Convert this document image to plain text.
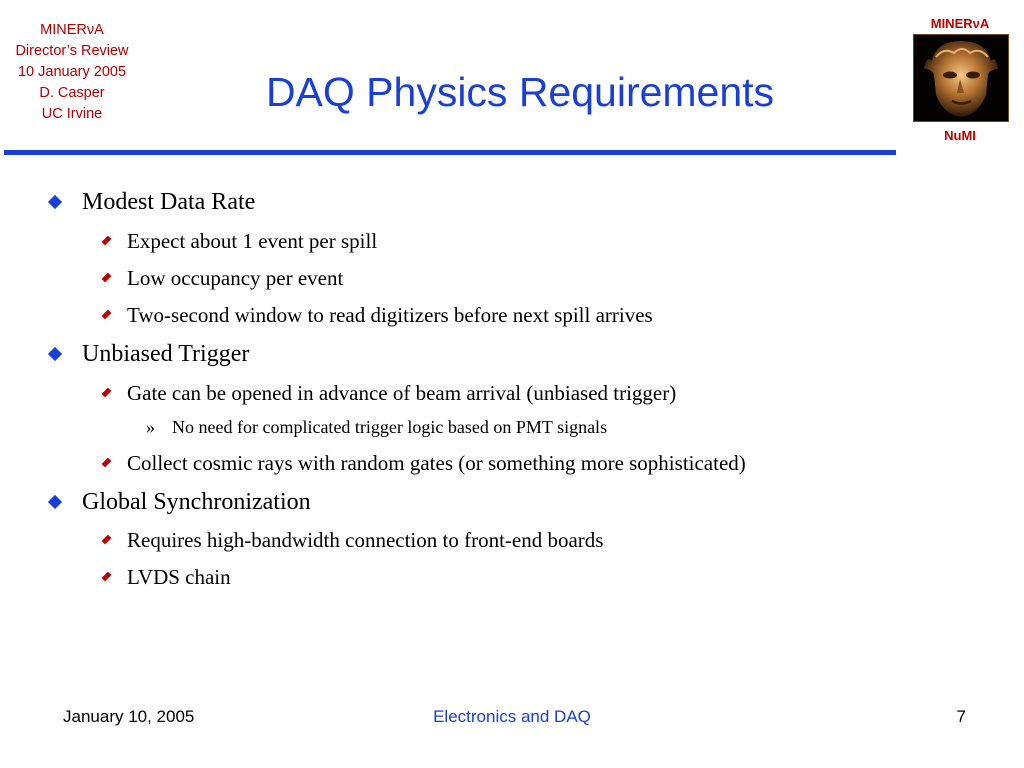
MINERνA
Director’s Review
10 January 2005
D. Casper
UC Irvine	DAQ Physics Requirements
MINERνA
NuMI
Modest Data Rate
Expect about 1 event per spill
Low occupancy per event
Two-second window to read digitizers before next spill arrives
Unbiased Trigger
Gate can be opened in advance of beam arrival (unbiased trigger)
» No need for complicated trigger logic based on PMT signals
Collect cosmic rays with random gates (or something more sophisticated)
Global Synchronization
Requires high-bandwidth connection to front-end boards
LVDS chain
January 10, 2005	Electronics and DAQ	7
